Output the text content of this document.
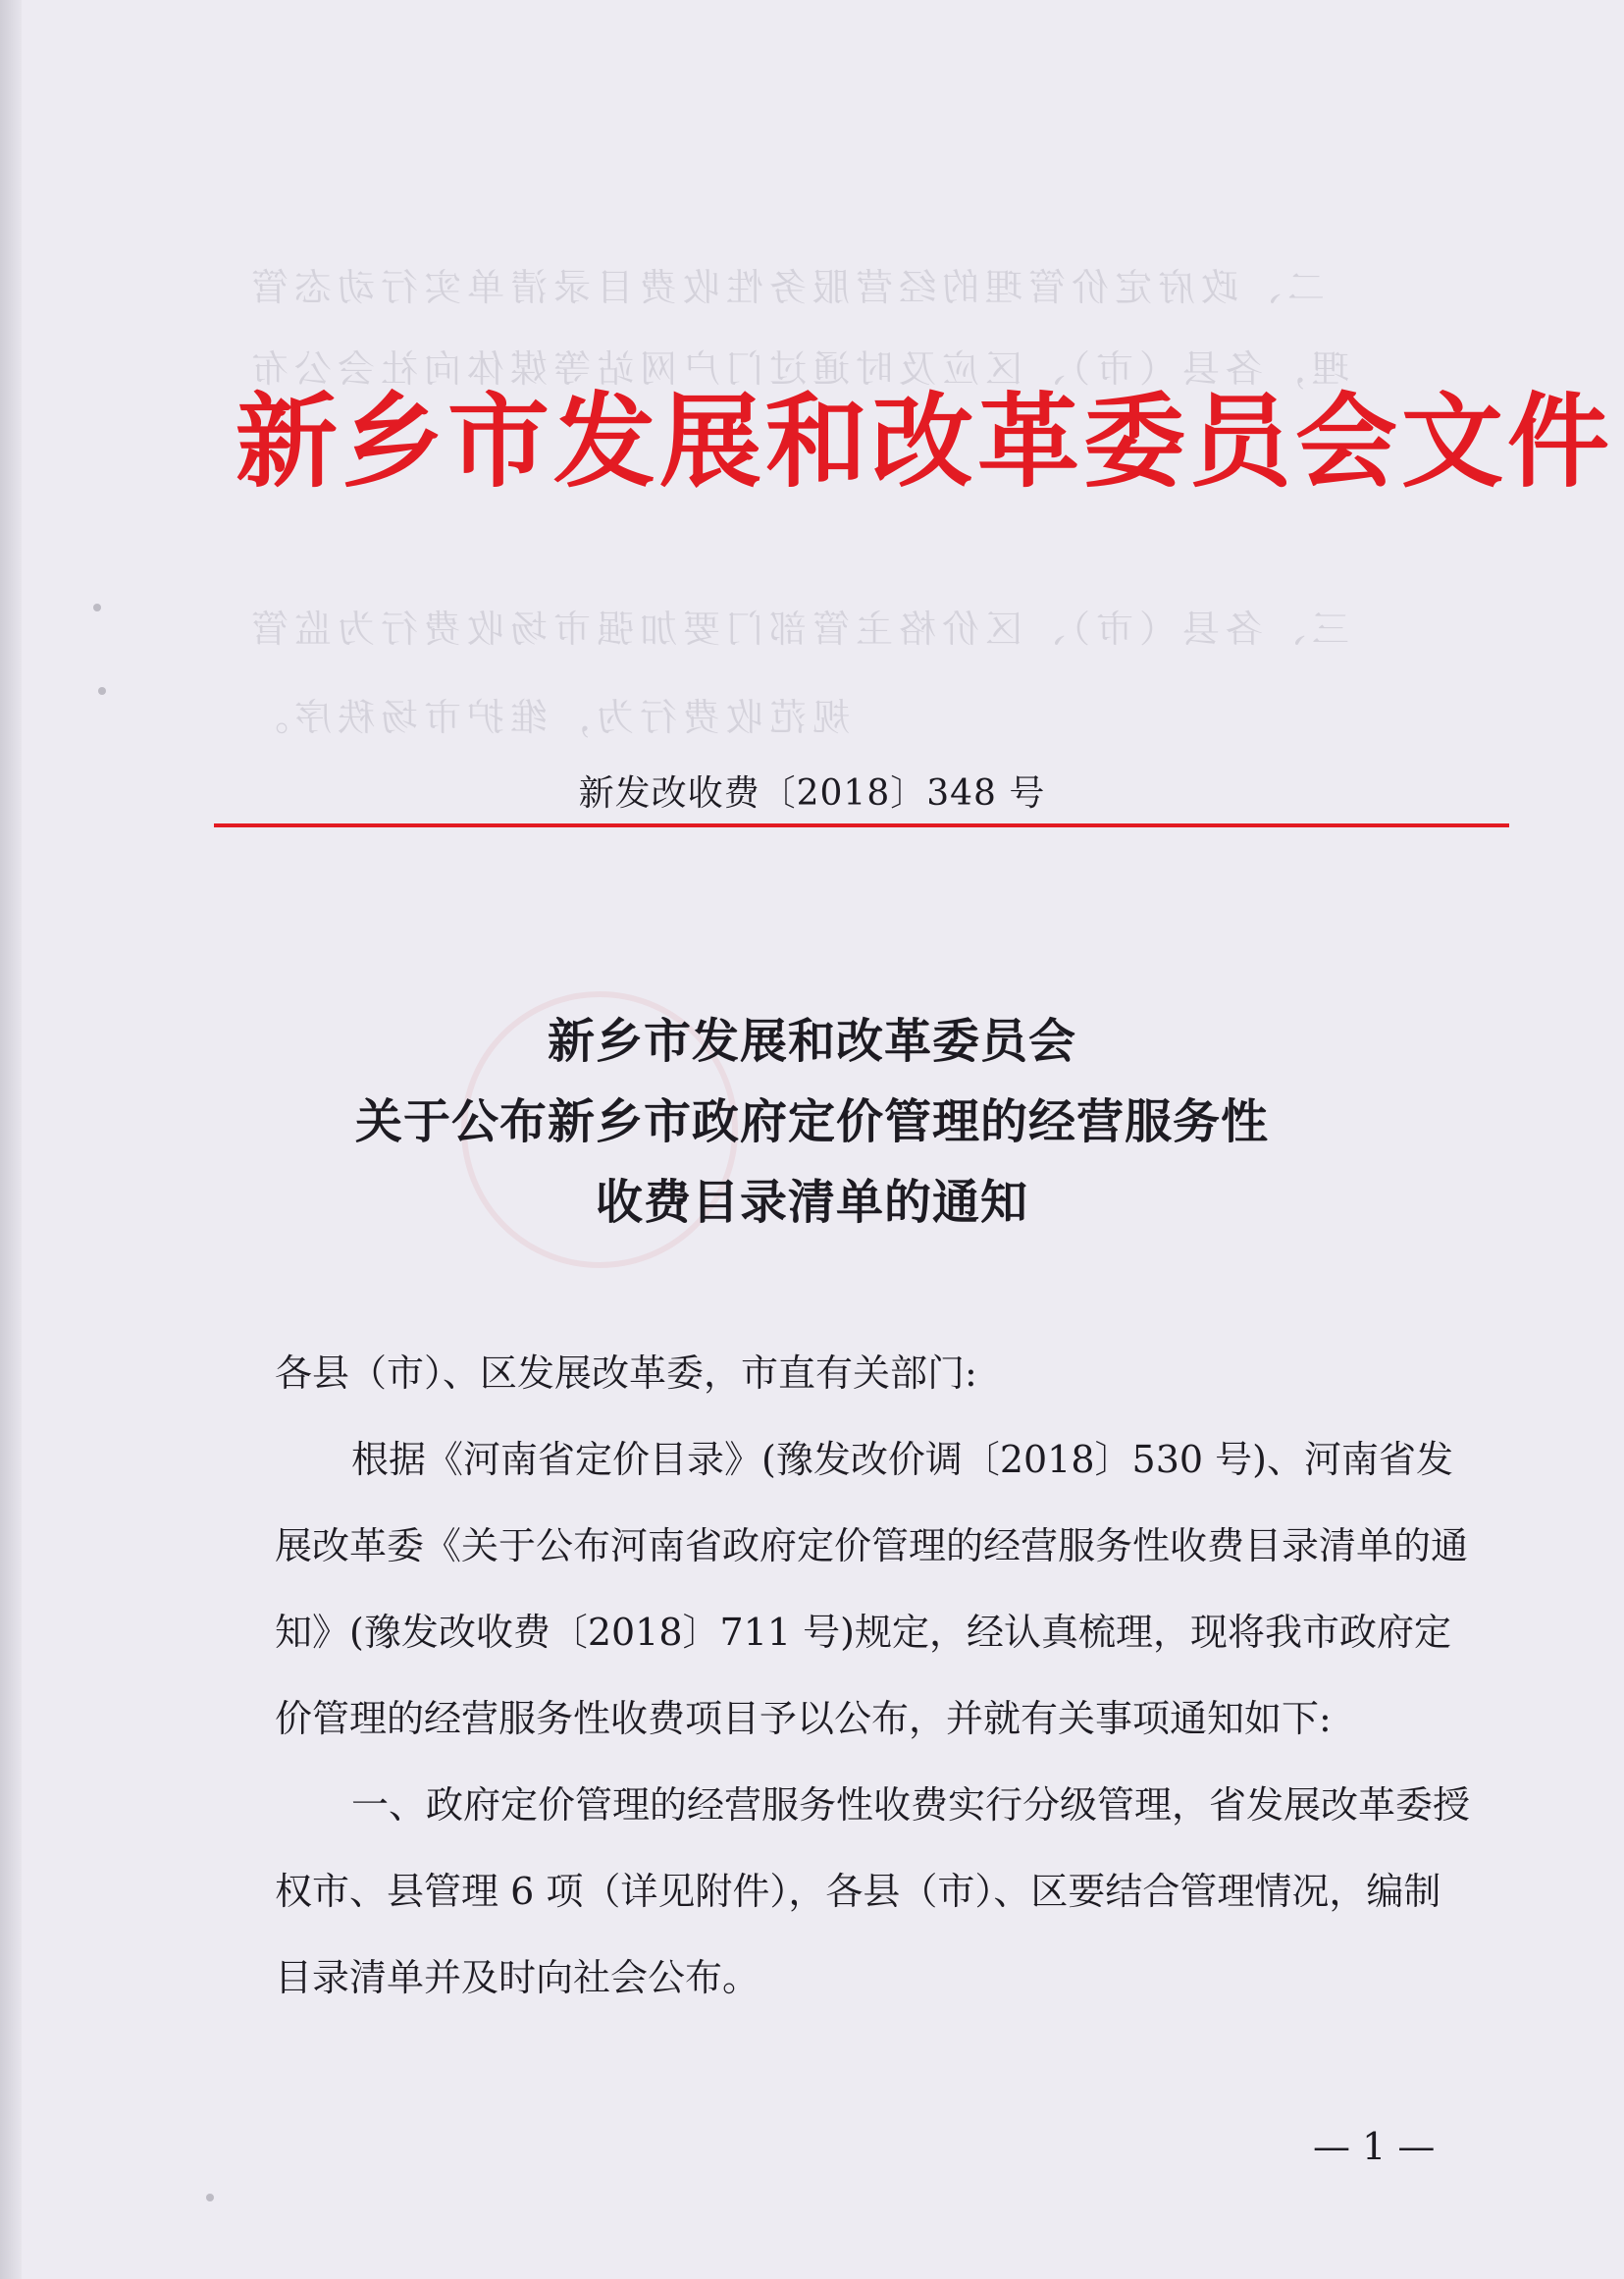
二、政府定价管理的经营服务性收费目录清单实行动态管
理，各县（市）、区应及时通过门户网站等媒体向社会公布
三、各县（市）、区价格主管部门要加强市场收费行为监管
规范收费行为，维护市场秩序。
新乡市发展和改革委员会文件
新发改收费〔2018〕348 号
新乡市发展和改革委员会
关于公布新乡市政府定价管理的经营服务性
收费目录清单的通知

各县（市）、区发展改革委，市直有关部门:

根据《河南省定价目录》(豫发改价调〔2018〕530 号)、河南省发展改革委《关于公布河南省政府定价管理的经营服务性收费目录清单的通知》(豫发改收费〔2018〕711 号)规定，经认真梳理，现将我市政府定价管理的经营服务性收费项目予以公布，并就有关事项通知如下:

一、政府定价管理的经营服务性收费实行分级管理，省发展改革委授权市、县管理 6 项（详见附件），各县（市）、区要结合管理情况，编制目录清单并及时向社会公布。

— 1 —
